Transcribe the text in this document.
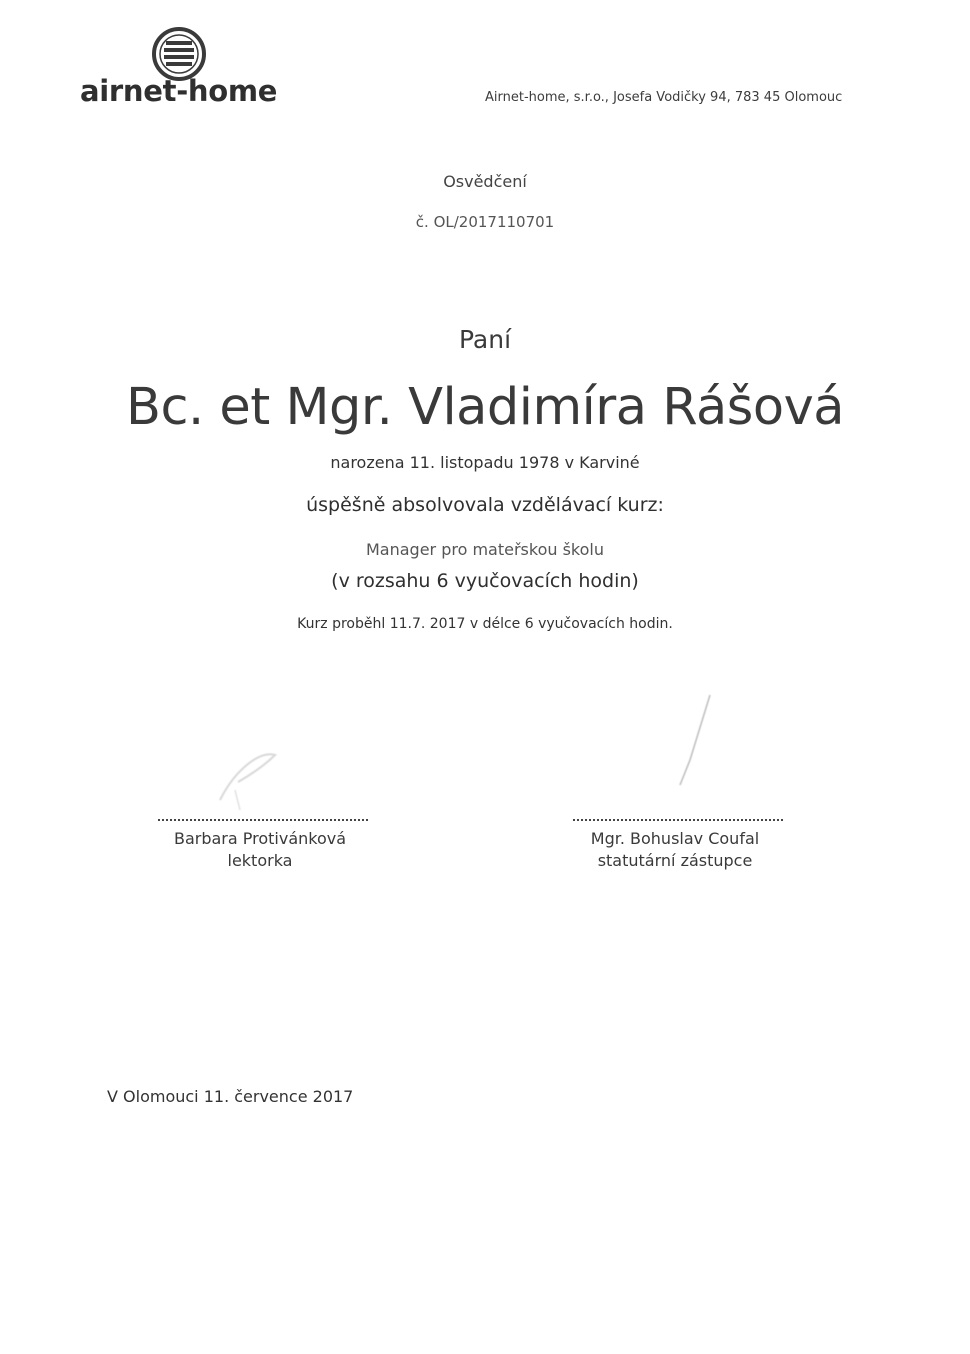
airnet-home	Airnet-home, s.r.o., Josefa Vodičky 94, 783 45 Olomouc
Osvědčení
č. OL/2017110701
Paní
Bc. et Mgr. Vladimíra Rášová
narozena 11. listopadu 1978 v Karviné
úspěšně absolvovala vzdělávací kurz:
Manager pro mateřskou školu
(v rozsahu 6 vyučovacích hodin)
Kurz proběhl 11.7. 2017 v délce 6 vyučovacích hodin.
Barbara Protivánková
lektorka
Mgr. Bohuslav Coufal
statutární zástupce
V Olomouci 11. července 2017
